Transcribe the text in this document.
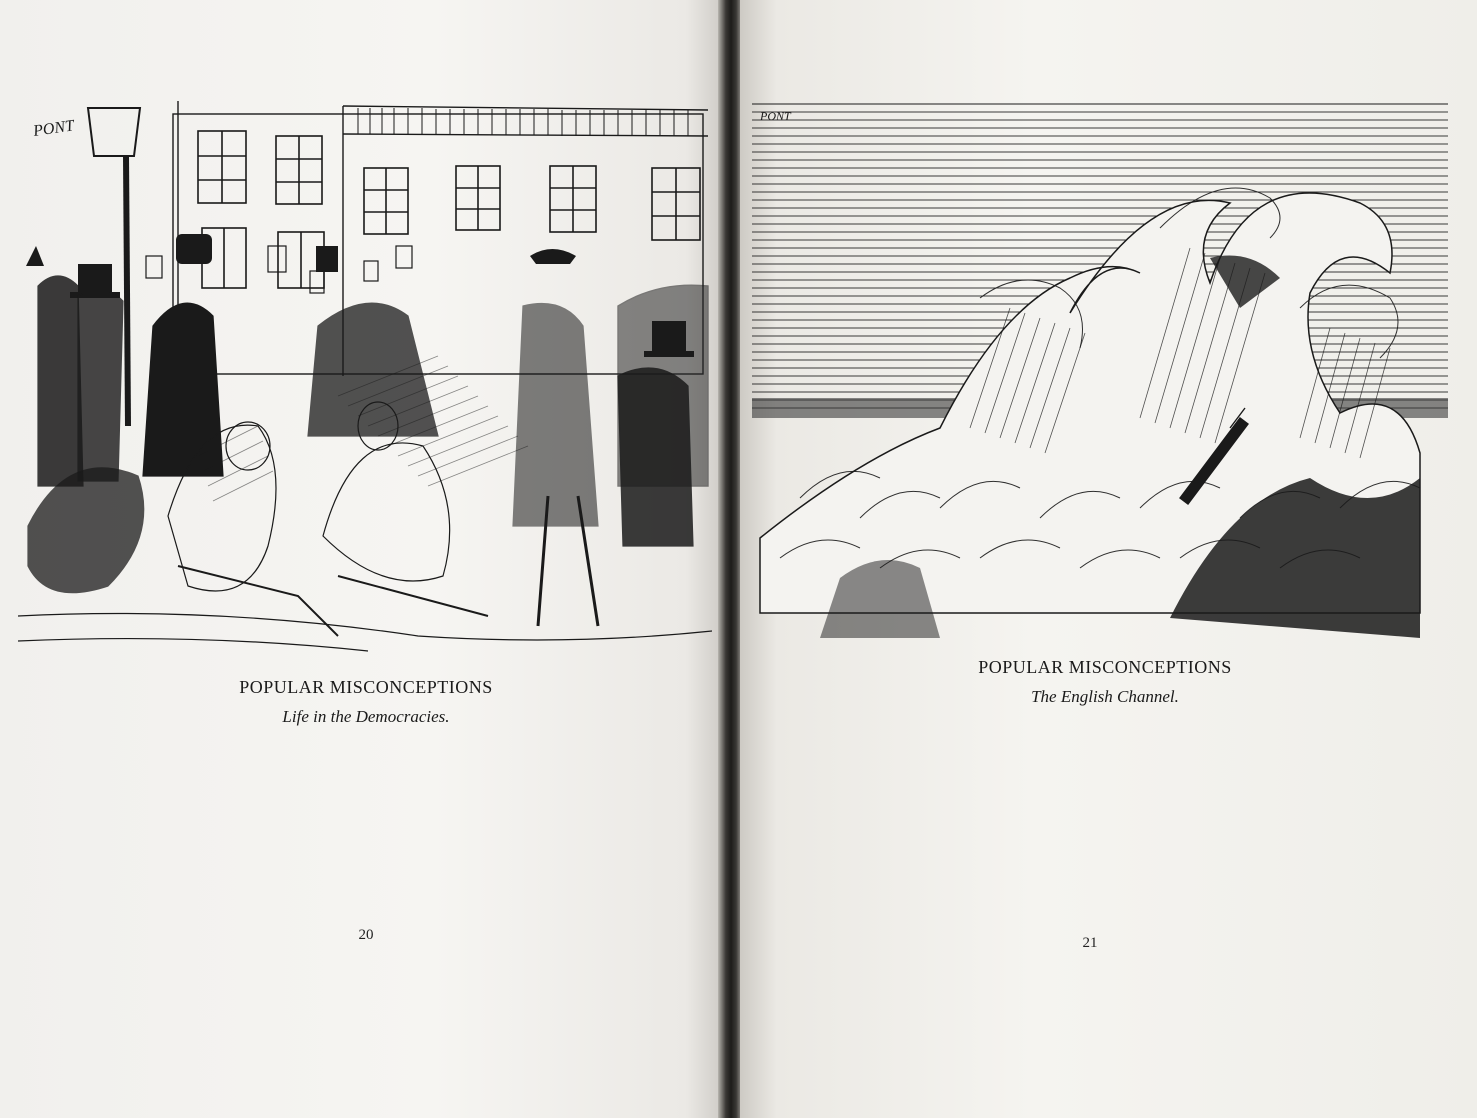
PONT
POPULAR MISCONCEPTIONS
Life in the Democracies.
20
PONT
POPULAR MISCONCEPTIONS
The English Channel.
21
